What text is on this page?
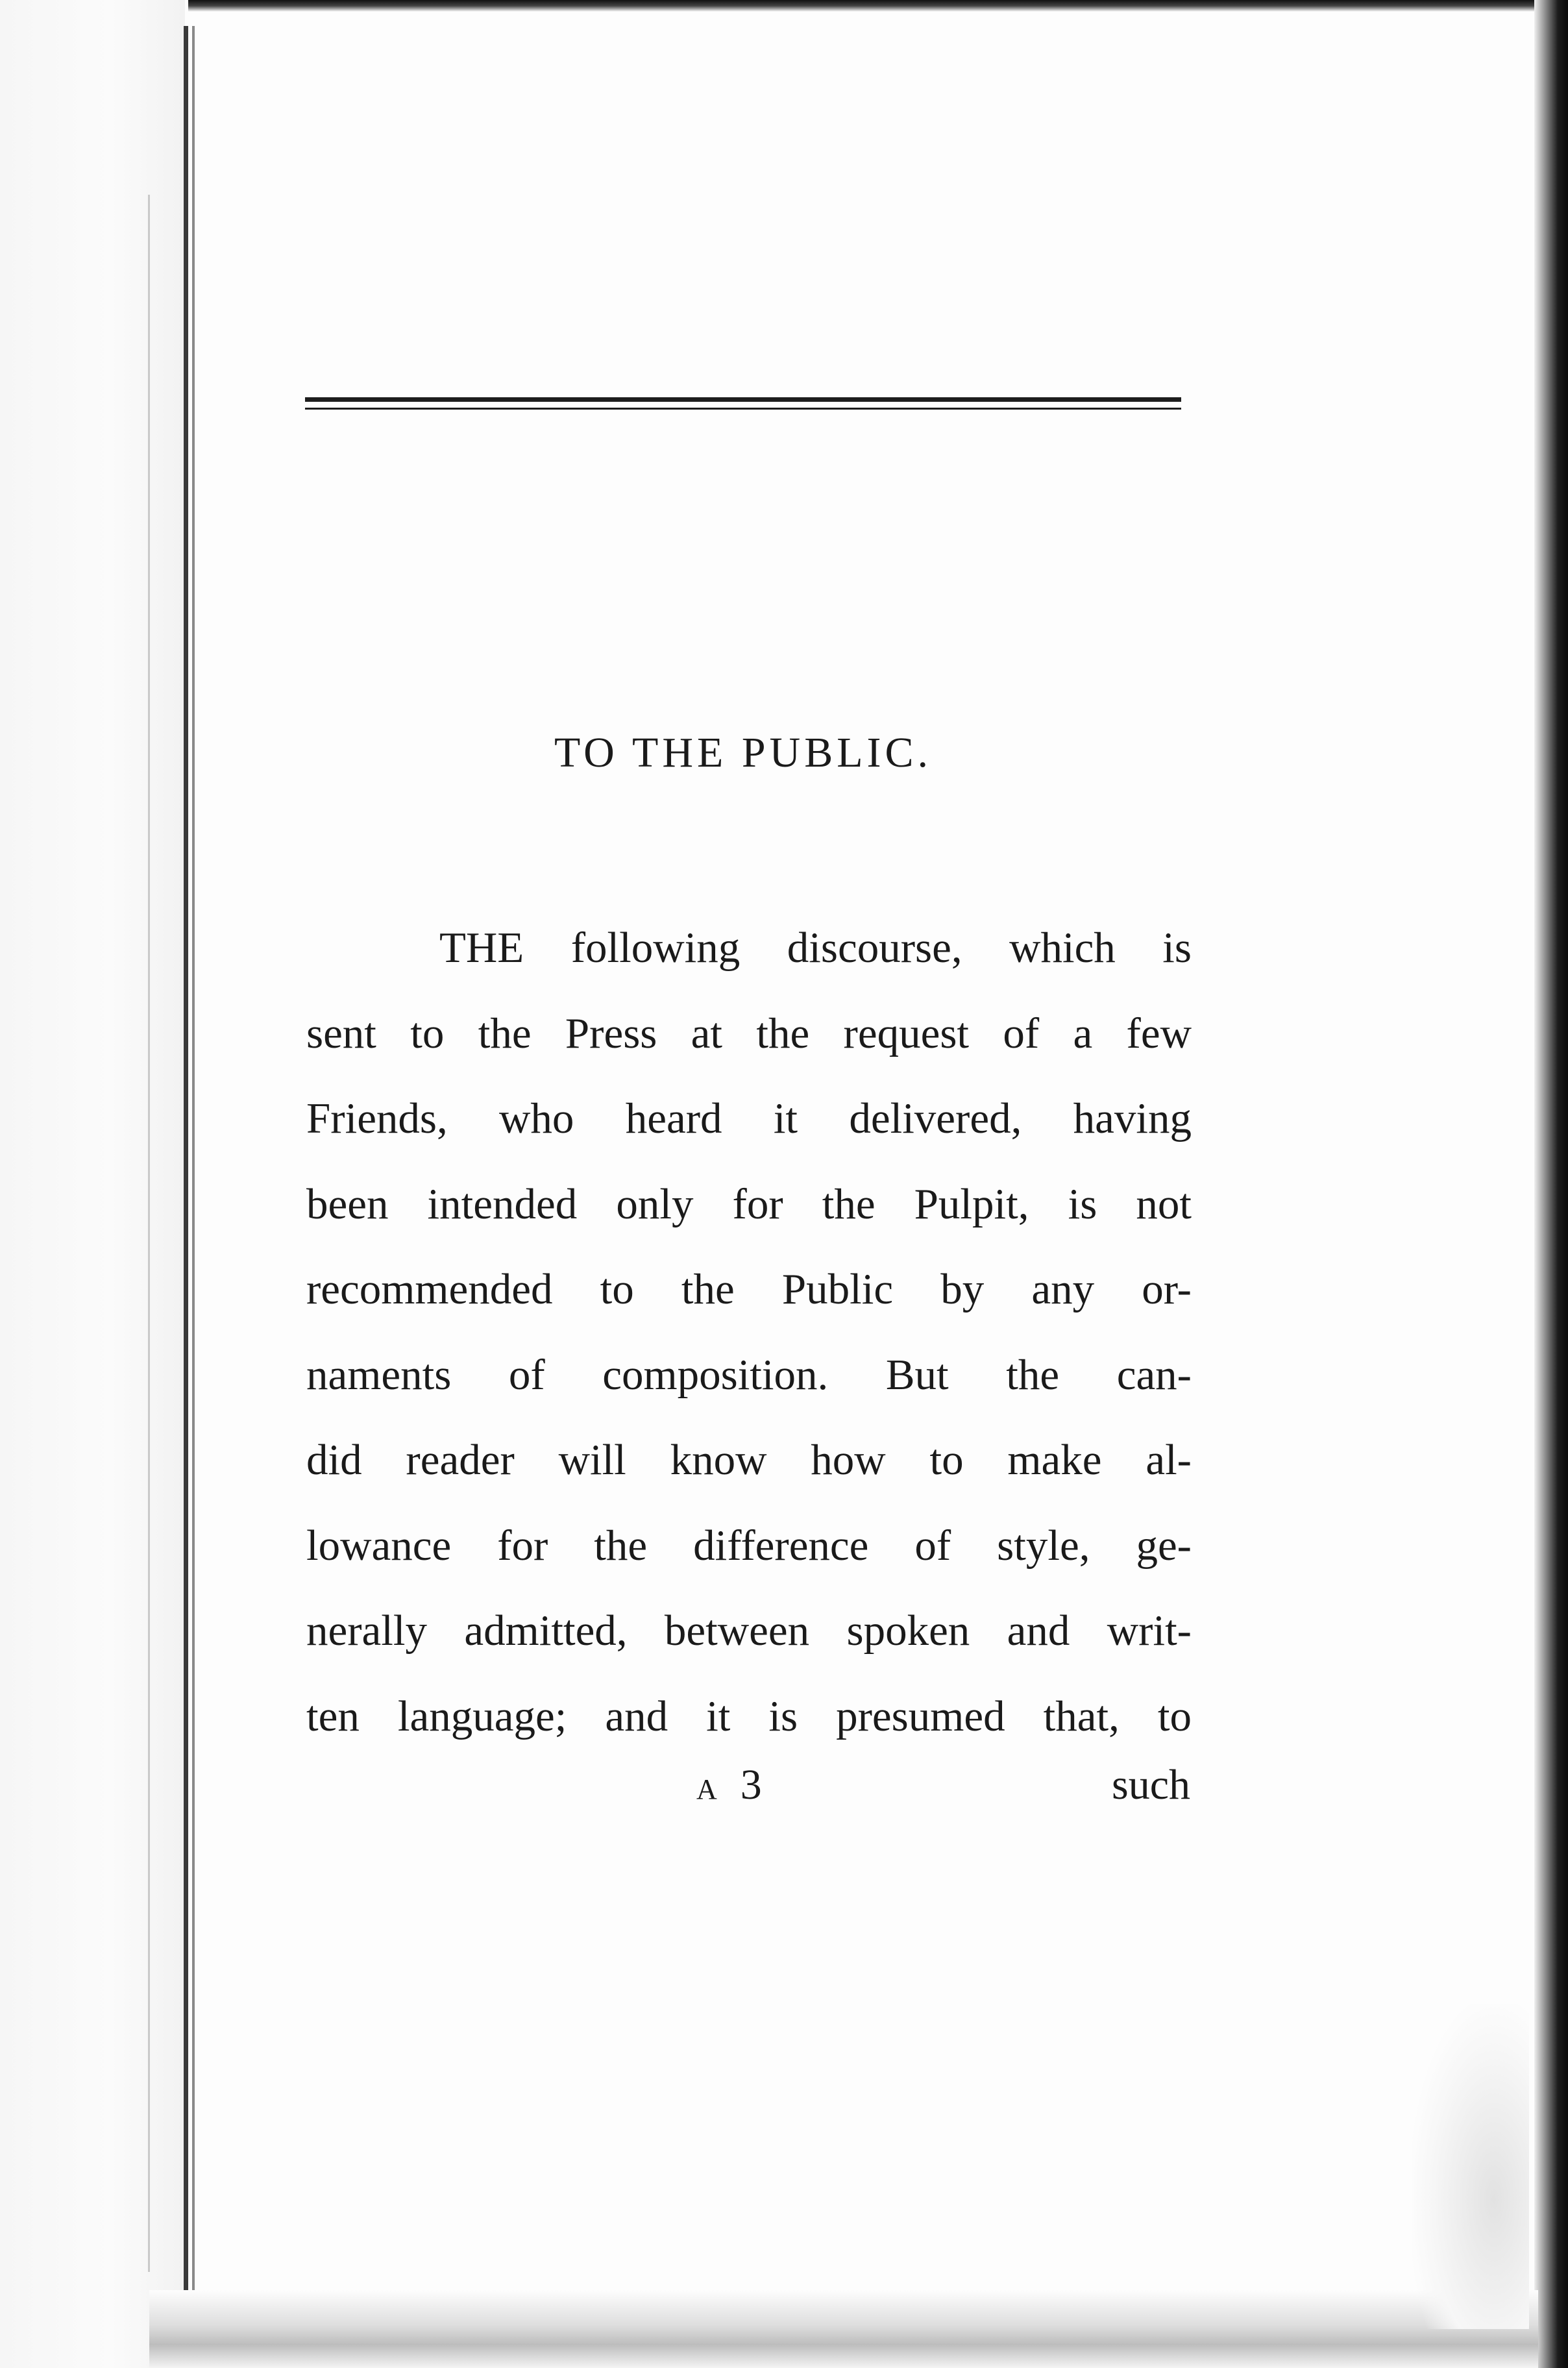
TO THE PUBLIC.
THE following discourse, which is
sent to the Press at the request of a few
Friends, who heard it delivered, having
been intended only for the Pulpit, is not
recommended to the Public by any or-
naments of composition. But the can-
did reader will know how to make al-
lowance for the difference of style, ge-
nerally admitted, between spoken and writ-
ten language; and it is presumed that, to
A 3	such
